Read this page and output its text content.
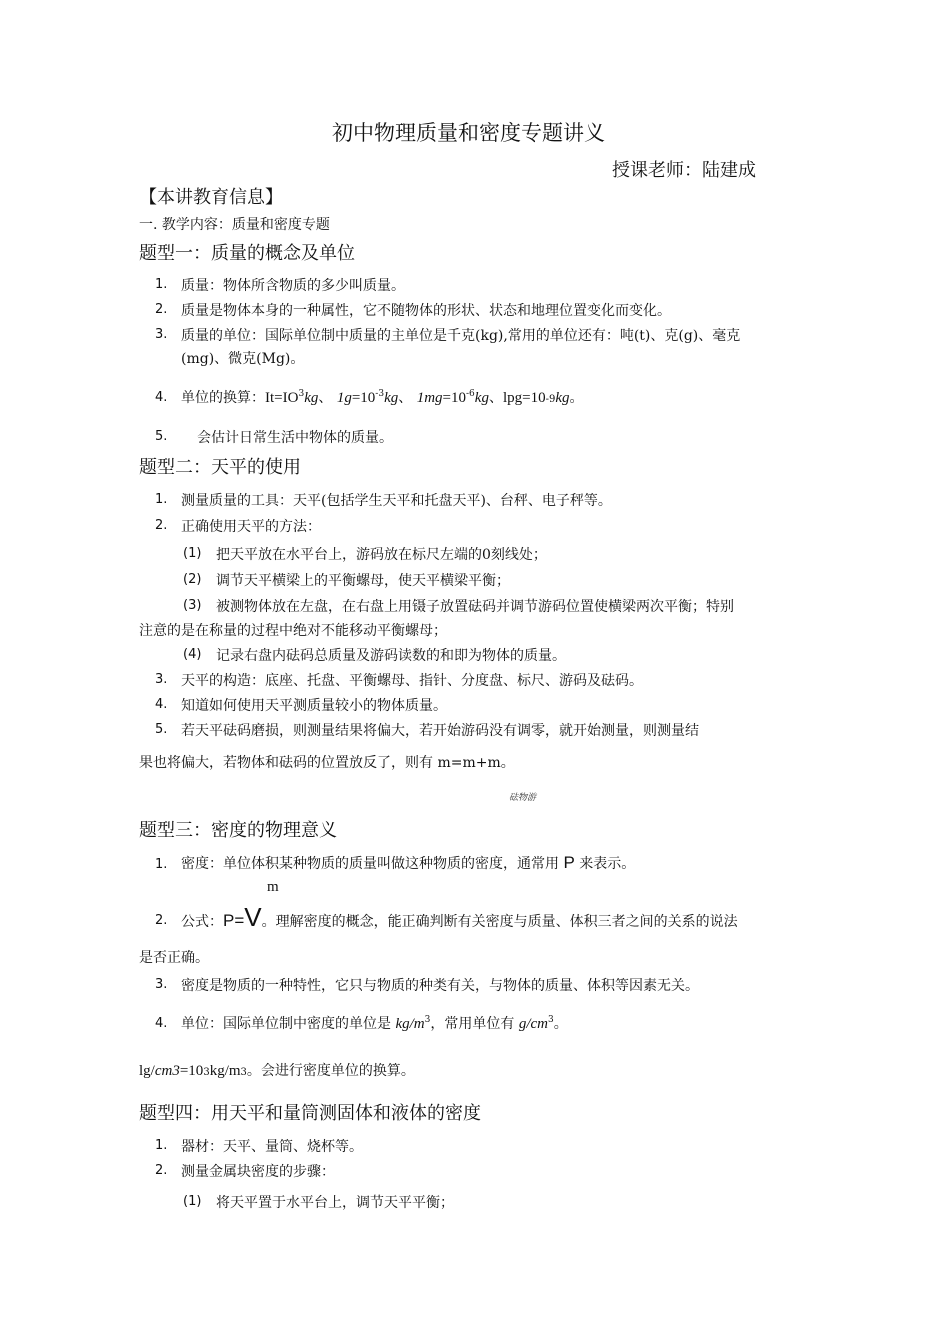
初中物理质量和密度专题讲义
授课老师：陆建成
【本讲教育信息】
一. 教学内容：质量和密度专题
题型一：质量的概念及单位
1. 质量：物体所含物质的多少叫质量。
2. 质量是物体本身的一种属性，它不随物体的形状、状态和地理位置变化而变化。
3. 质量的单位：国际单位制中质量的主单位是千克(kg),常用的单位还有：吨(t)、克(g)、毫克
(mg)、微克(Mg)。
4. 单位的换算：$It=IO^3kg$、 $1g=10^{-3}kg$、 $1mg=10^{-6}kg$、lpg=10-9kg。
5. 会估计日常生活中物体的质量。
题型二：天平的使用
1. 测量质量的工具：天平(包括学生天平和托盘天平)、台秤、电子秤等。
2. 正确使用天平的方法：
(1) 把天平放在水平台上，游码放在标尺左端的0刻线处；
(2) 调节天平横梁上的平衡螺母，使天平横梁平衡；
(3) 被测物体放在左盘，在右盘上用镊子放置砝码并调节游码位置使横梁两次平衡；特别
注意的是在称量的过程中绝对不能移动平衡螺母；
(4) 记录右盘内砝码总质量及游码读数的和即为物体的质量。
3. 天平的构造：底座、托盘、平衡螺母、指针、分度盘、标尺、游码及砝码。
4. 知道如何使用天平测质量较小的物体质量。
5. 若天平砝码磨损，则测量结果将偏大，若开始游码没有调零，就开始测量，则测量结
果也将偏大，若物体和砝码的位置放反了，则有 m=m+m。
砝物游
题型三：密度的物理意义
1. 密度：单位体积某种物质的质量叫做这种物质的密度，通常用 P 来表示。
m
2. 公式：P=V。理解密度的概念，能正确判断有关密度与质量、体积三者之间的关系的说法
是否正确。
3. 密度是物质的一种特性，它只与物质的种类有关，与物体的质量、体积等因素无关。
4. 单位：国际单位制中密度的单位是 $kg/m^3$，常用单位有 $g/cm^3$。
lg/cm3=103kg/m3。会进行密度单位的换算。
题型四：用天平和量筒测固体和液体的密度
1. 器材：天平、量筒、烧杯等。
2. 测量金属块密度的步骤：
(1) 将天平置于水平台上，调节天平平衡；
